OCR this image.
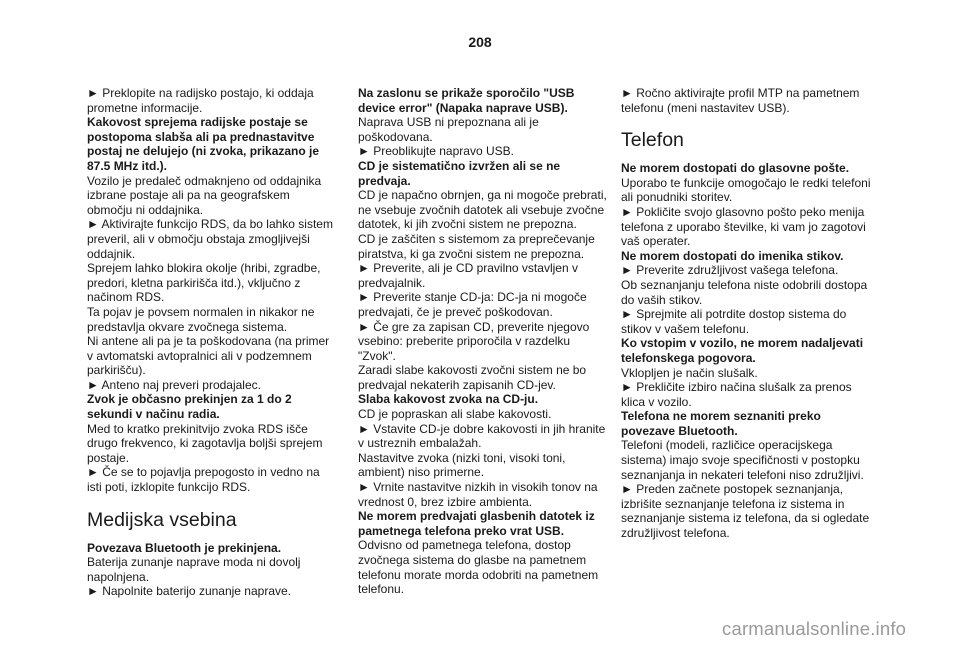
208

► Preklopite na radijsko postajo, ki oddaja prometne informacije.

Kakovost sprejema radijske postaje se postopoma slabša ali pa prednastavitve postaj ne delujejo (ni zvoka, prikazano je 87.5 MHz itd.).

Vozilo je predaleč odmaknjeno od oddajnika izbrane postaje ali pa na geografskem območju ni oddajnika.

► Aktivirajte funkcijo RDS, da bo lahko sistem preveril, ali v območju obstaja zmogljivejši oddajnik.

Sprejem lahko blokira okolje (hribi, zgradbe, predori, kletna parkirišča itd.), vključno z načinom RDS.

Ta pojav je povsem normalen in nikakor ne predstavlja okvare zvočnega sistema.

Ni antene ali pa je ta poškodovana (na primer v avtomatski avtopralnici ali v podzemnem parkirišču).

► Anteno naj preveri prodajalec.

Zvok je občasno prekinjen za 1 do 2 sekundi v načinu radia.

Med to kratko prekinitvijo zvoka RDS išče drugo frekvenco, ki zagotavlja boljši sprejem postaje.

► Če se to pojavlja prepogosto in vedno na isti poti, izklopite funkcijo RDS.

Medijska vsebina

Povezava Bluetooth je prekinjena.

Baterija zunanje naprave moda ni dovolj napolnjena.

► Napolnite baterijo zunanje naprave.

Na zaslonu se prikaže sporočilo "USB device error" (Napaka naprave USB).

Naprava USB ni prepoznana ali je poškodovana.

► Preoblikujte napravo USB.

CD je sistematično izvržen ali se ne predvaja.

CD je napačno obrnjen, ga ni mogoče prebrati, ne vsebuje zvočnih datotek ali vsebuje zvočne datotek, ki jih zvočni sistem ne prepozna.

CD je zaščiten s sistemom za preprečevanje piratstva, ki ga zvočni sistem ne prepozna.

► Preverite, ali je CD pravilno vstavljen v predvajalnik.

► Preverite stanje CD-ja: DC-ja ni mogoče predvajati, če je preveč poškodovan.

► Če gre za zapisan CD, preverite njegovo vsebino: preberite priporočila v razdelku "Zvok".

Zaradi slabe kakovosti zvočni sistem ne bo predvajal nekaterih zapisanih CD-jev.

Slaba kakovost zvoka na CD-ju.

CD je popraskan ali slabe kakovosti.

► Vstavite CD-je dobre kakovosti in jih hranite v ustreznih embalažah.

Nastavitve zvoka (nizki toni, visoki toni, ambient) niso primerne.

► Vrnite nastavitve nizkih in visokih tonov na vrednost 0, brez izbire ambienta.

Ne morem predvajati glasbenih datotek iz pametnega telefona preko vrat USB.

Odvisno od pametnega telefona, dostop zvočnega sistema do glasbe na pametnem telefonu morate morda odobriti na pametnem telefonu.

► Ročno aktivirajte profil MTP na pametnem telefonu (meni nastavitev USB).

Telefon

Ne morem dostopati do glasovne pošte.

Uporabo te funkcije omogočajo le redki telefoni ali ponudniki storitev.

► Pokličite svojo glasovno pošto peko menija telefona z uporabo številke, ki vam jo zagotovi vaš operater.

Ne morem dostopati do imenika stikov.

► Preverite združljivost vašega telefona.

Ob seznanjanju telefona niste odobrili dostopa do vaših stikov.

► Sprejmite ali potrdite dostop sistema do stikov v vašem telefonu.

Ko vstopim v vozilo, ne morem nadaljevati telefonskega pogovora.

Vklopljen je način slušalk.

► Prekličite izbiro načina slušalk za prenos klica v vozilo.

Telefona ne morem seznaniti preko povezave Bluetooth.

Telefoni (modeli, različice operacijskega sistema) imajo svoje specifičnosti v postopku seznanjanja in nekateri telefoni niso združljivi.

► Preden začnete postopek seznanjanja, izbrišite seznanjanje telefona iz sistema in seznanjanje sistema iz telefona, da si ogledate združljivost telefona.

carmanualsonline.info
